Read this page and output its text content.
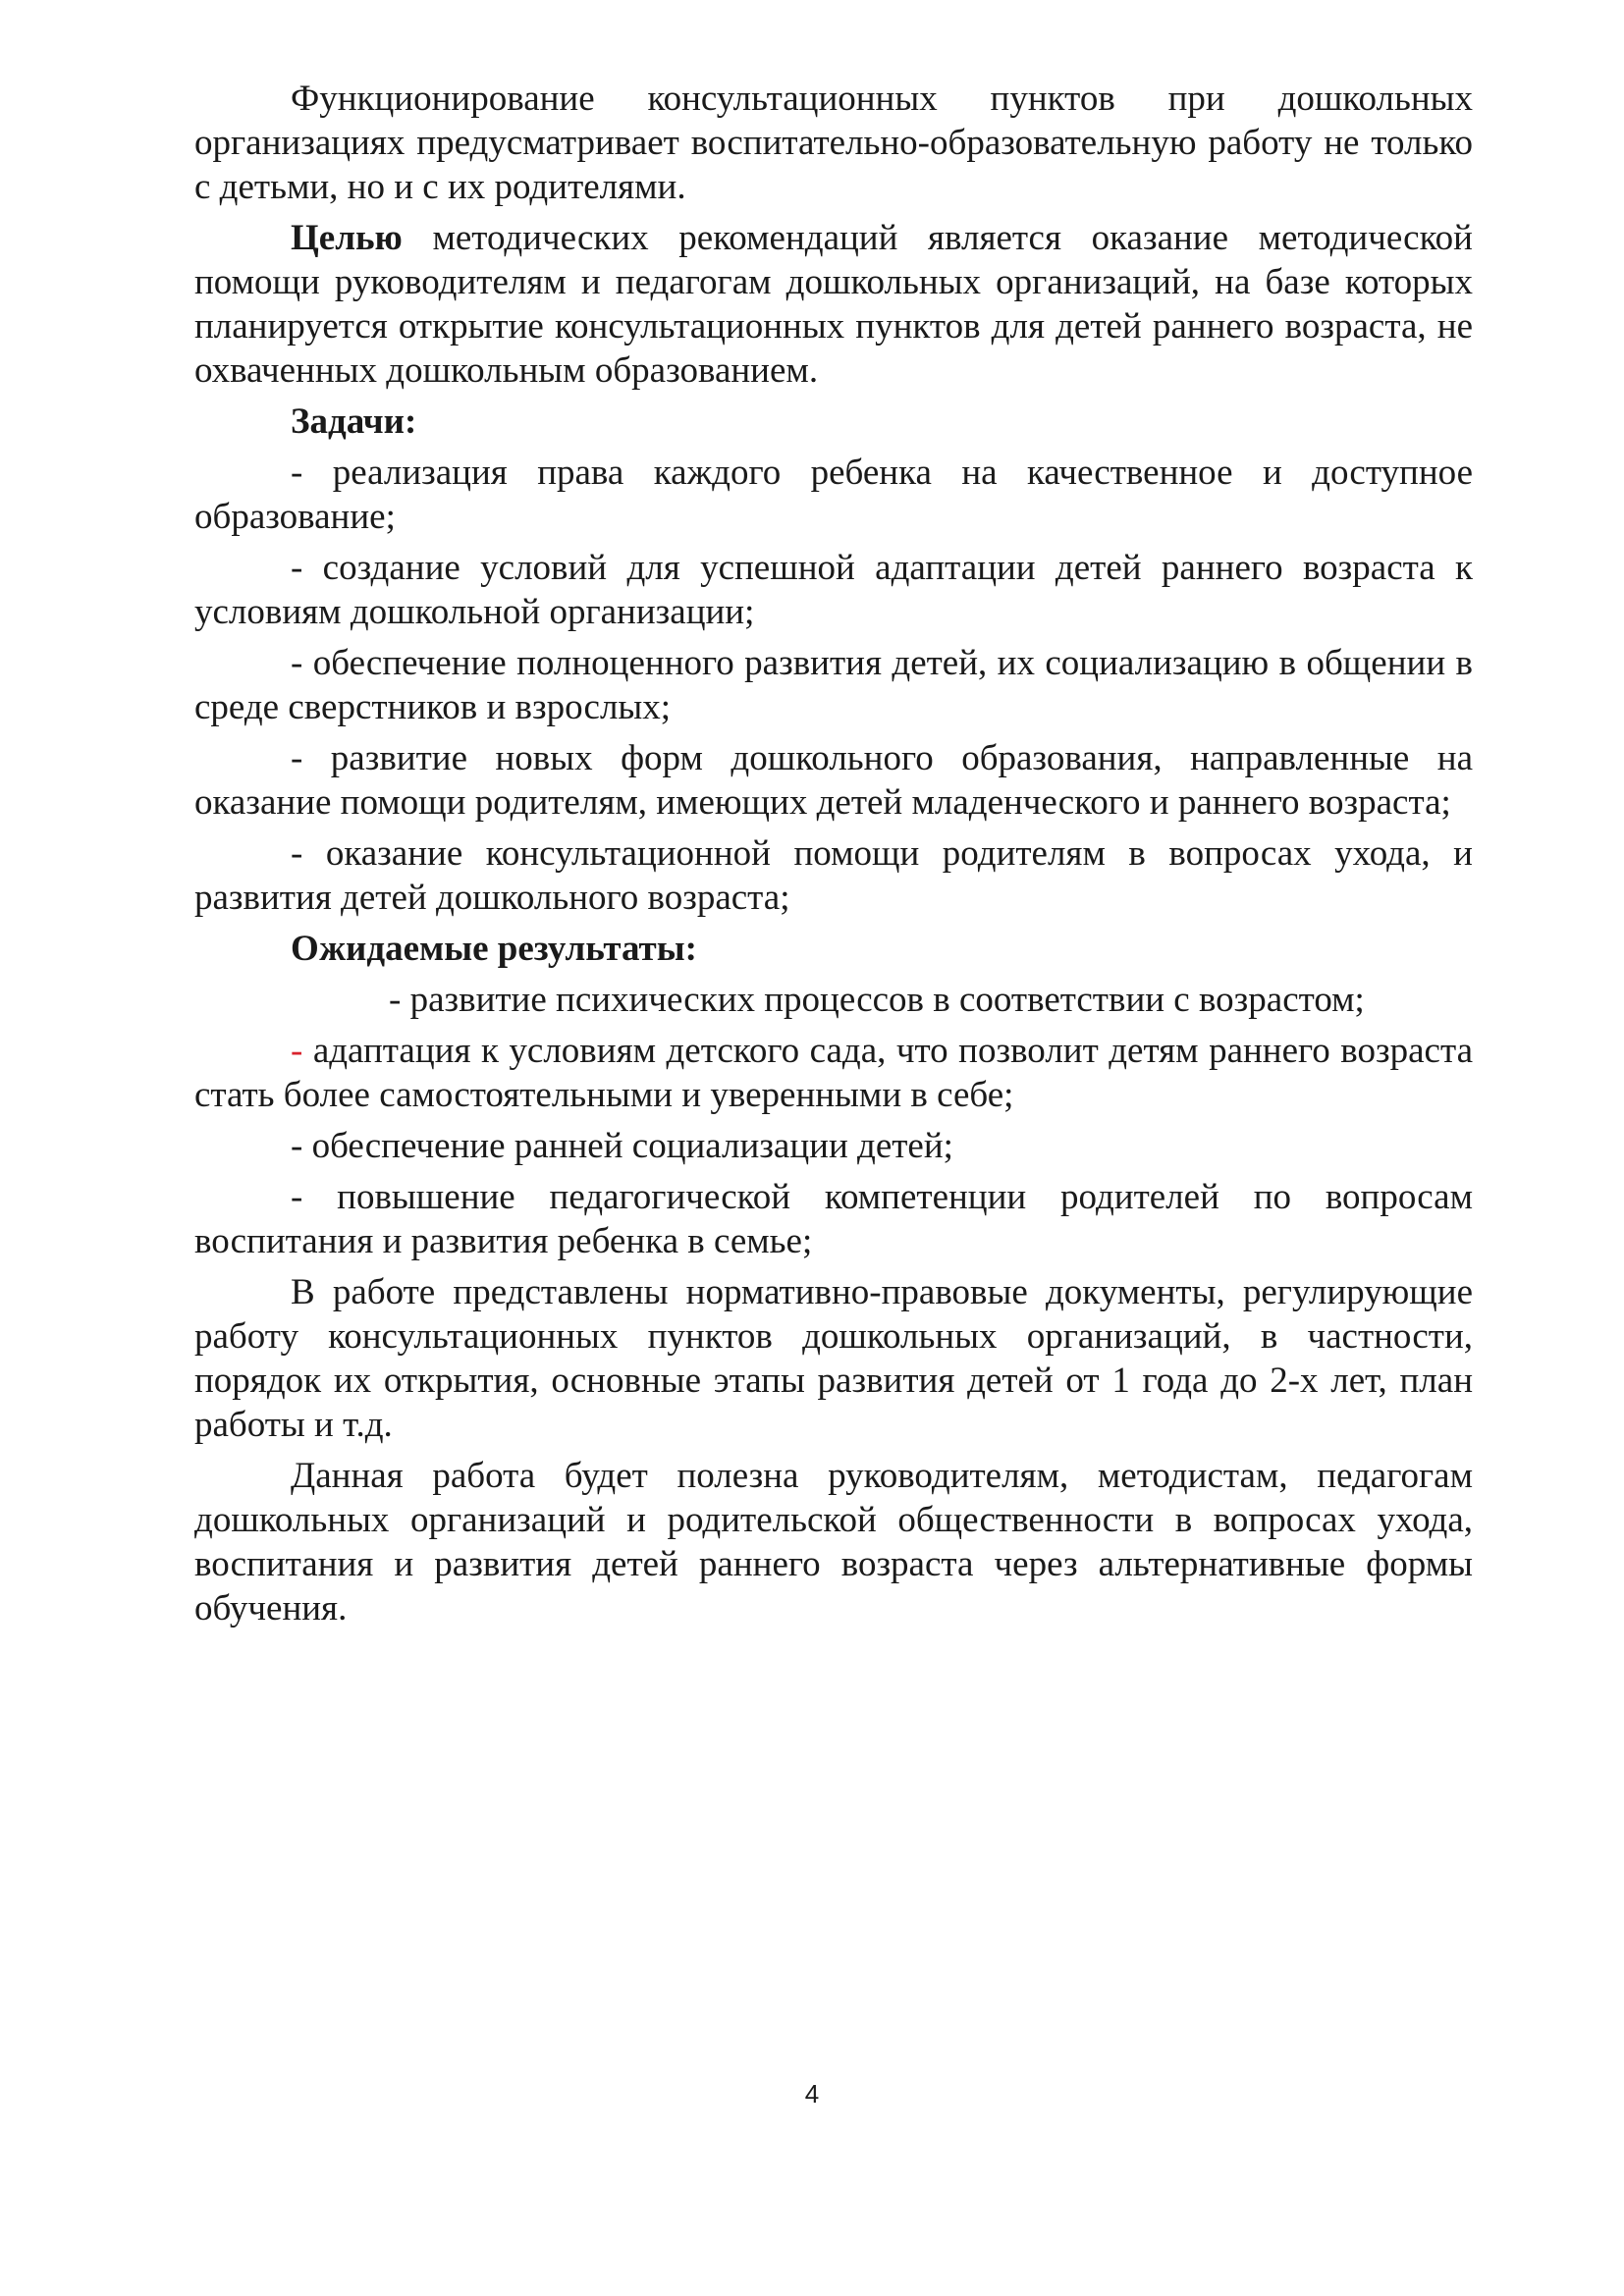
Функционирование консультационных пунктов при дошкольных организациях предусматривает воспитательно-образовательную работу не только с детьми, но и с их родителями.

Целью методических рекомендаций является оказание методической помощи руководителям и педагогам дошкольных организаций, на базе которых планируется открытие консультационных пунктов для детей раннего возраста, не охваченных дошкольным образованием.

Задачи:

- реализация права каждого ребенка на качественное и доступное образование;

- создание условий для успешной адаптации детей раннего возраста к условиям дошкольной организации;

- обеспечение полноценного развития детей, их социализацию в общении в среде сверстников и взрослых;

- развитие новых форм дошкольного образования, направленные на оказание помощи родителям, имеющих детей младенческого и раннего возраста;

- оказание консультационной помощи родителям в вопросах ухода, и развития детей дошкольного возраста;

Ожидаемые результаты:

- развитие психических процессов в соответствии с возрастом;

- адаптация к условиям детского сада, что позволит детям раннего возраста стать более самостоятельными и уверенными в себе;

- обеспечение ранней социализации детей;

- повышение педагогической компетенции родителей по вопросам воспитания и развития ребенка в семье;

В работе представлены нормативно-правовые документы, регулирующие работу консультационных пунктов дошкольных организаций, в частности, порядок их открытия, основные этапы развития детей от 1 года до 2-х лет, план работы и т.д.

Данная работа будет полезна руководителям, методистам, педагогам дошкольных организаций и родительской общественности в вопросах ухода, воспитания и развития детей раннего возраста через альтернативные формы обучения.

4
